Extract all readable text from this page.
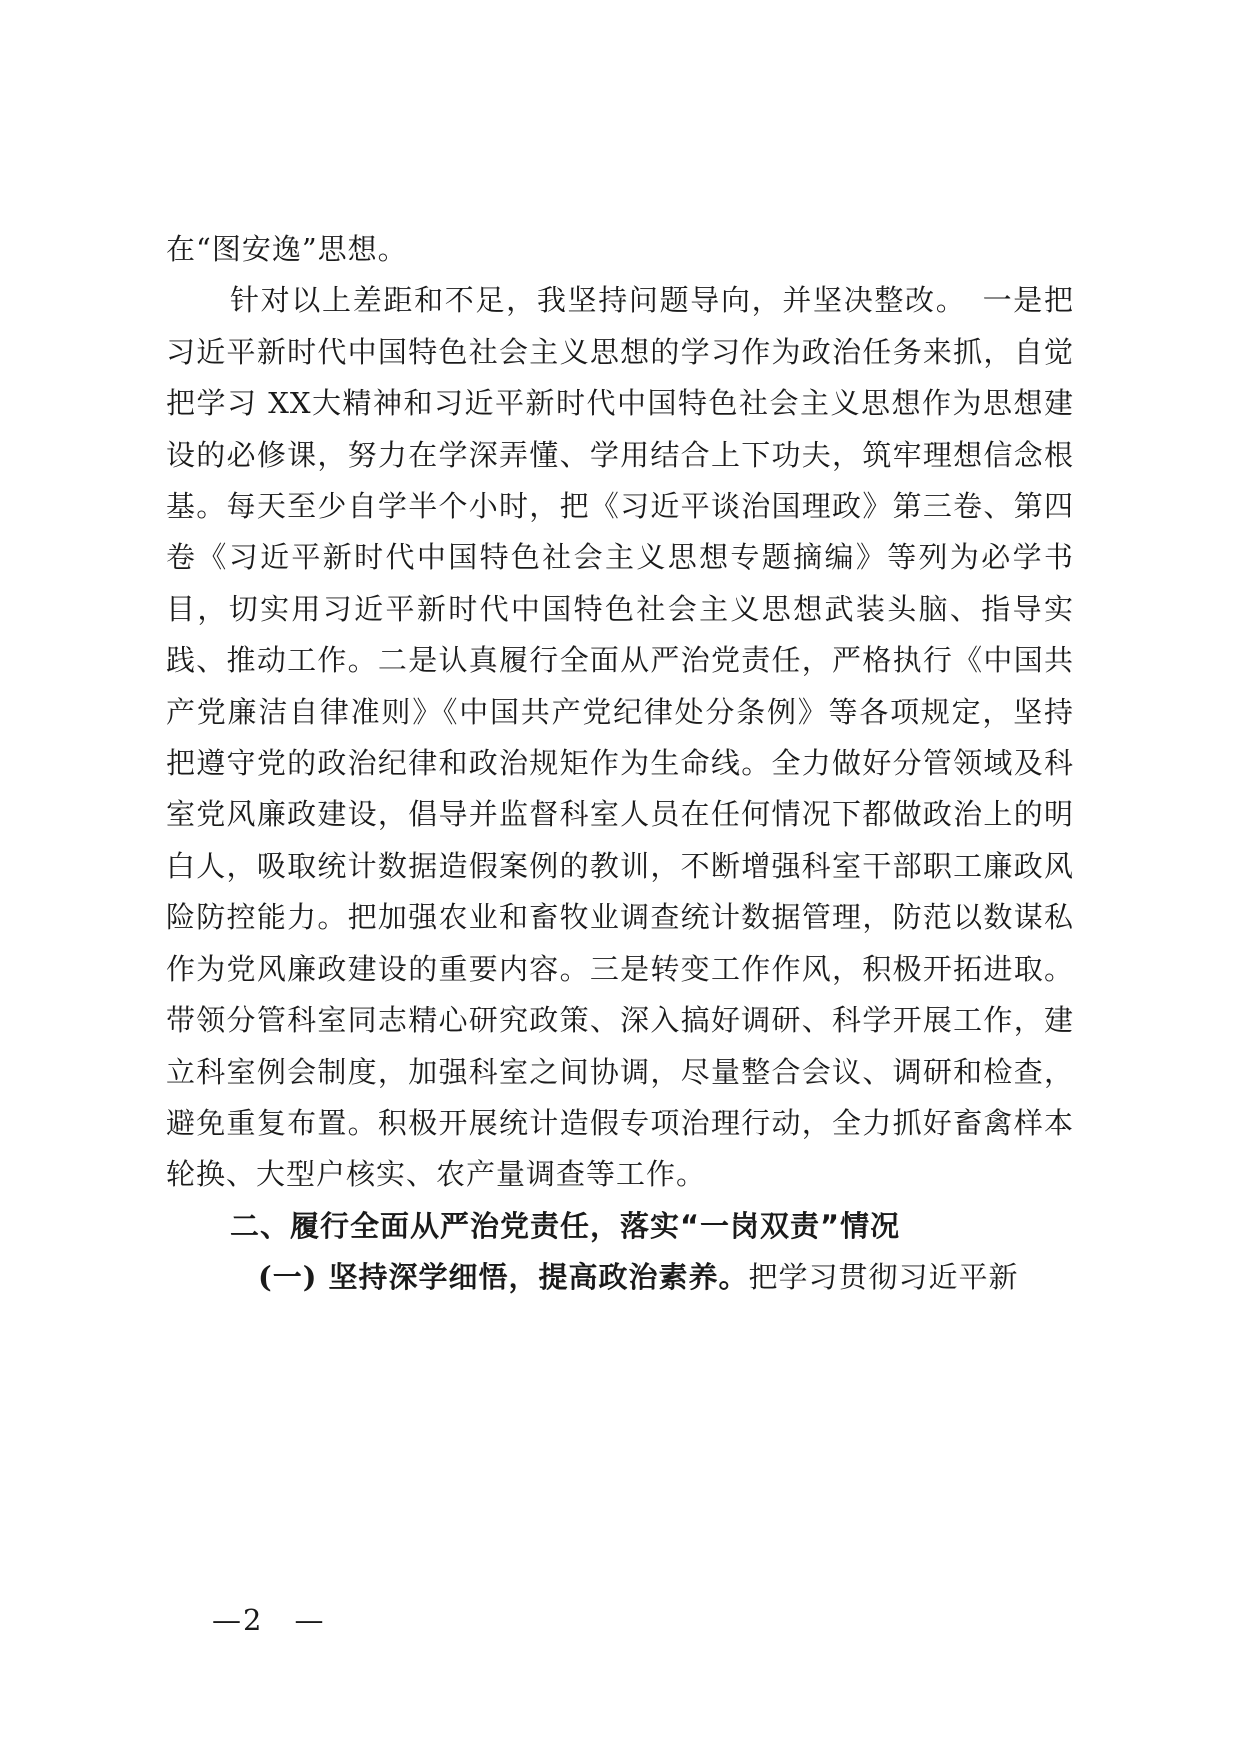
在“图安逸”思想。

针对以上差距和不足，我坚持问题导向，并坚决整改。　一是把习近平新时代中国特色社会主义思想的学习作为政治任务来抓，自觉把学习 XX大精神和习近平新时代中国特色社会主义思想作为思想建设的必修课，努力在学深弄懂、学用结合上下功夫，筑牢理想信念根基。每天至少自学半个小时，把《习近平谈治国理政》第三卷、第四卷《习近平新时代中国特色社会主义思想专题摘编》等列为必学书目，切实用习近平新时代中国特色社会主义思想武装头脑、指导实践、推动工作。二是认真履行全面从严治党责任，严格执行《中国共产党廉洁自律准则》《中国共产党纪律处分条例》等各项规定，坚持把遵守党的政治纪律和政治规矩作为生命线。全力做好分管领域及科室党风廉政建设，倡导并监督科室人员在任何情况下都做政治上的明白人，吸取统计数据造假案例的教训，不断增强科室干部职工廉政风险防控能力。把加强农业和畜牧业调查统计数据管理，防范以数谋私作为党风廉政建设的重要内容。三是转变工作作风，积极开拓进取。带领分管科室同志精心研究政策、深入搞好调研、科学开展工作，建立科室例会制度，加强科室之间协调，尽量整合会议、调研和检查，避免重复布置。积极开展统计造假专项治理行动，全力抓好畜禽样本轮换、大型户核实、农产量调查等工作。

二、履行全面从严治党责任，落实“一岗双责”情况

(一) 坚持深学细悟，提高政治素养。把学习贯彻习近平新

—2　—
